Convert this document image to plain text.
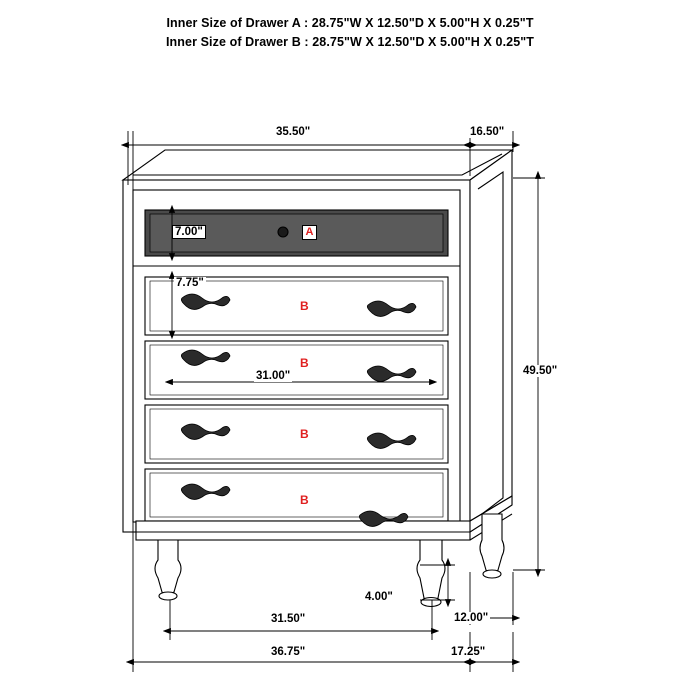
Inner Size of Drawer A : 28.75"W X 12.50"D X 5.00"H X 0.25"T
Inner Size of Drawer B : 28.75"W X 12.50"D X 5.00"H X 0.25"T
35.50"	16.50"
7.00"
7.75"
31.00"	49.50"
4.00"
12.00"
31.50"
36.75"	17.25"
A
B
B
B
B
